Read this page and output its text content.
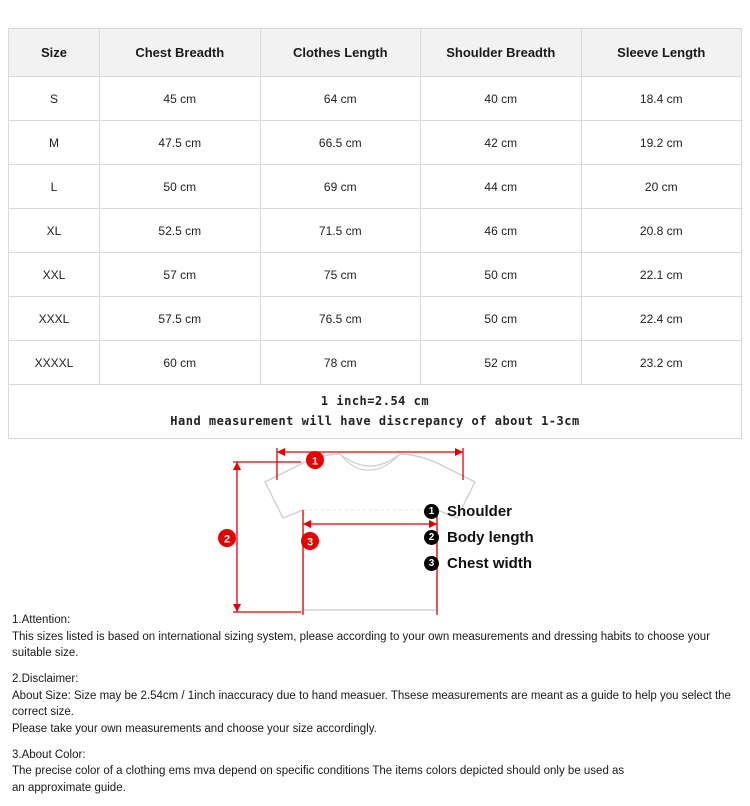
Size	Chest Breadth	Clothes Length	Shoulder Breadth	Sleeve Length
S	45 cm	64 cm	40 cm	18.4 cm
M	47.5 cm	66.5 cm	42 cm	19.2 cm
L	50 cm	69 cm	44 cm	20 cm
XL	52.5 cm	71.5 cm	46 cm	20.8 cm
XXL	57 cm	75 cm	50 cm	22.1 cm
XXXL	57.5 cm	76.5 cm	50 cm	22.4 cm
XXXXL	60 cm	78 cm	52 cm	23.2 cm

1 inch=2.54 cm
Hand measurement will have discrepancy of about 1-3cm				
1
2	3
1 Shoulder
2 Body length
3 Chest width
1.Attention:
This sizes listed is based on international sizing system, please according to your own measurements and dressing habits to choose your suitable size.
2.Disclaimer:
About Size: Size may be 2.54cm / 1inch inaccuracy due to hand measuer. Thsese measurements are meant as a guide to help you select the correct size.
Please take your own measurements and choose your size accordingly.
3.About Color:
The precise color of a clothing ems mva depend on specific conditions The items colors depicted should only be used as
an approximate guide.
